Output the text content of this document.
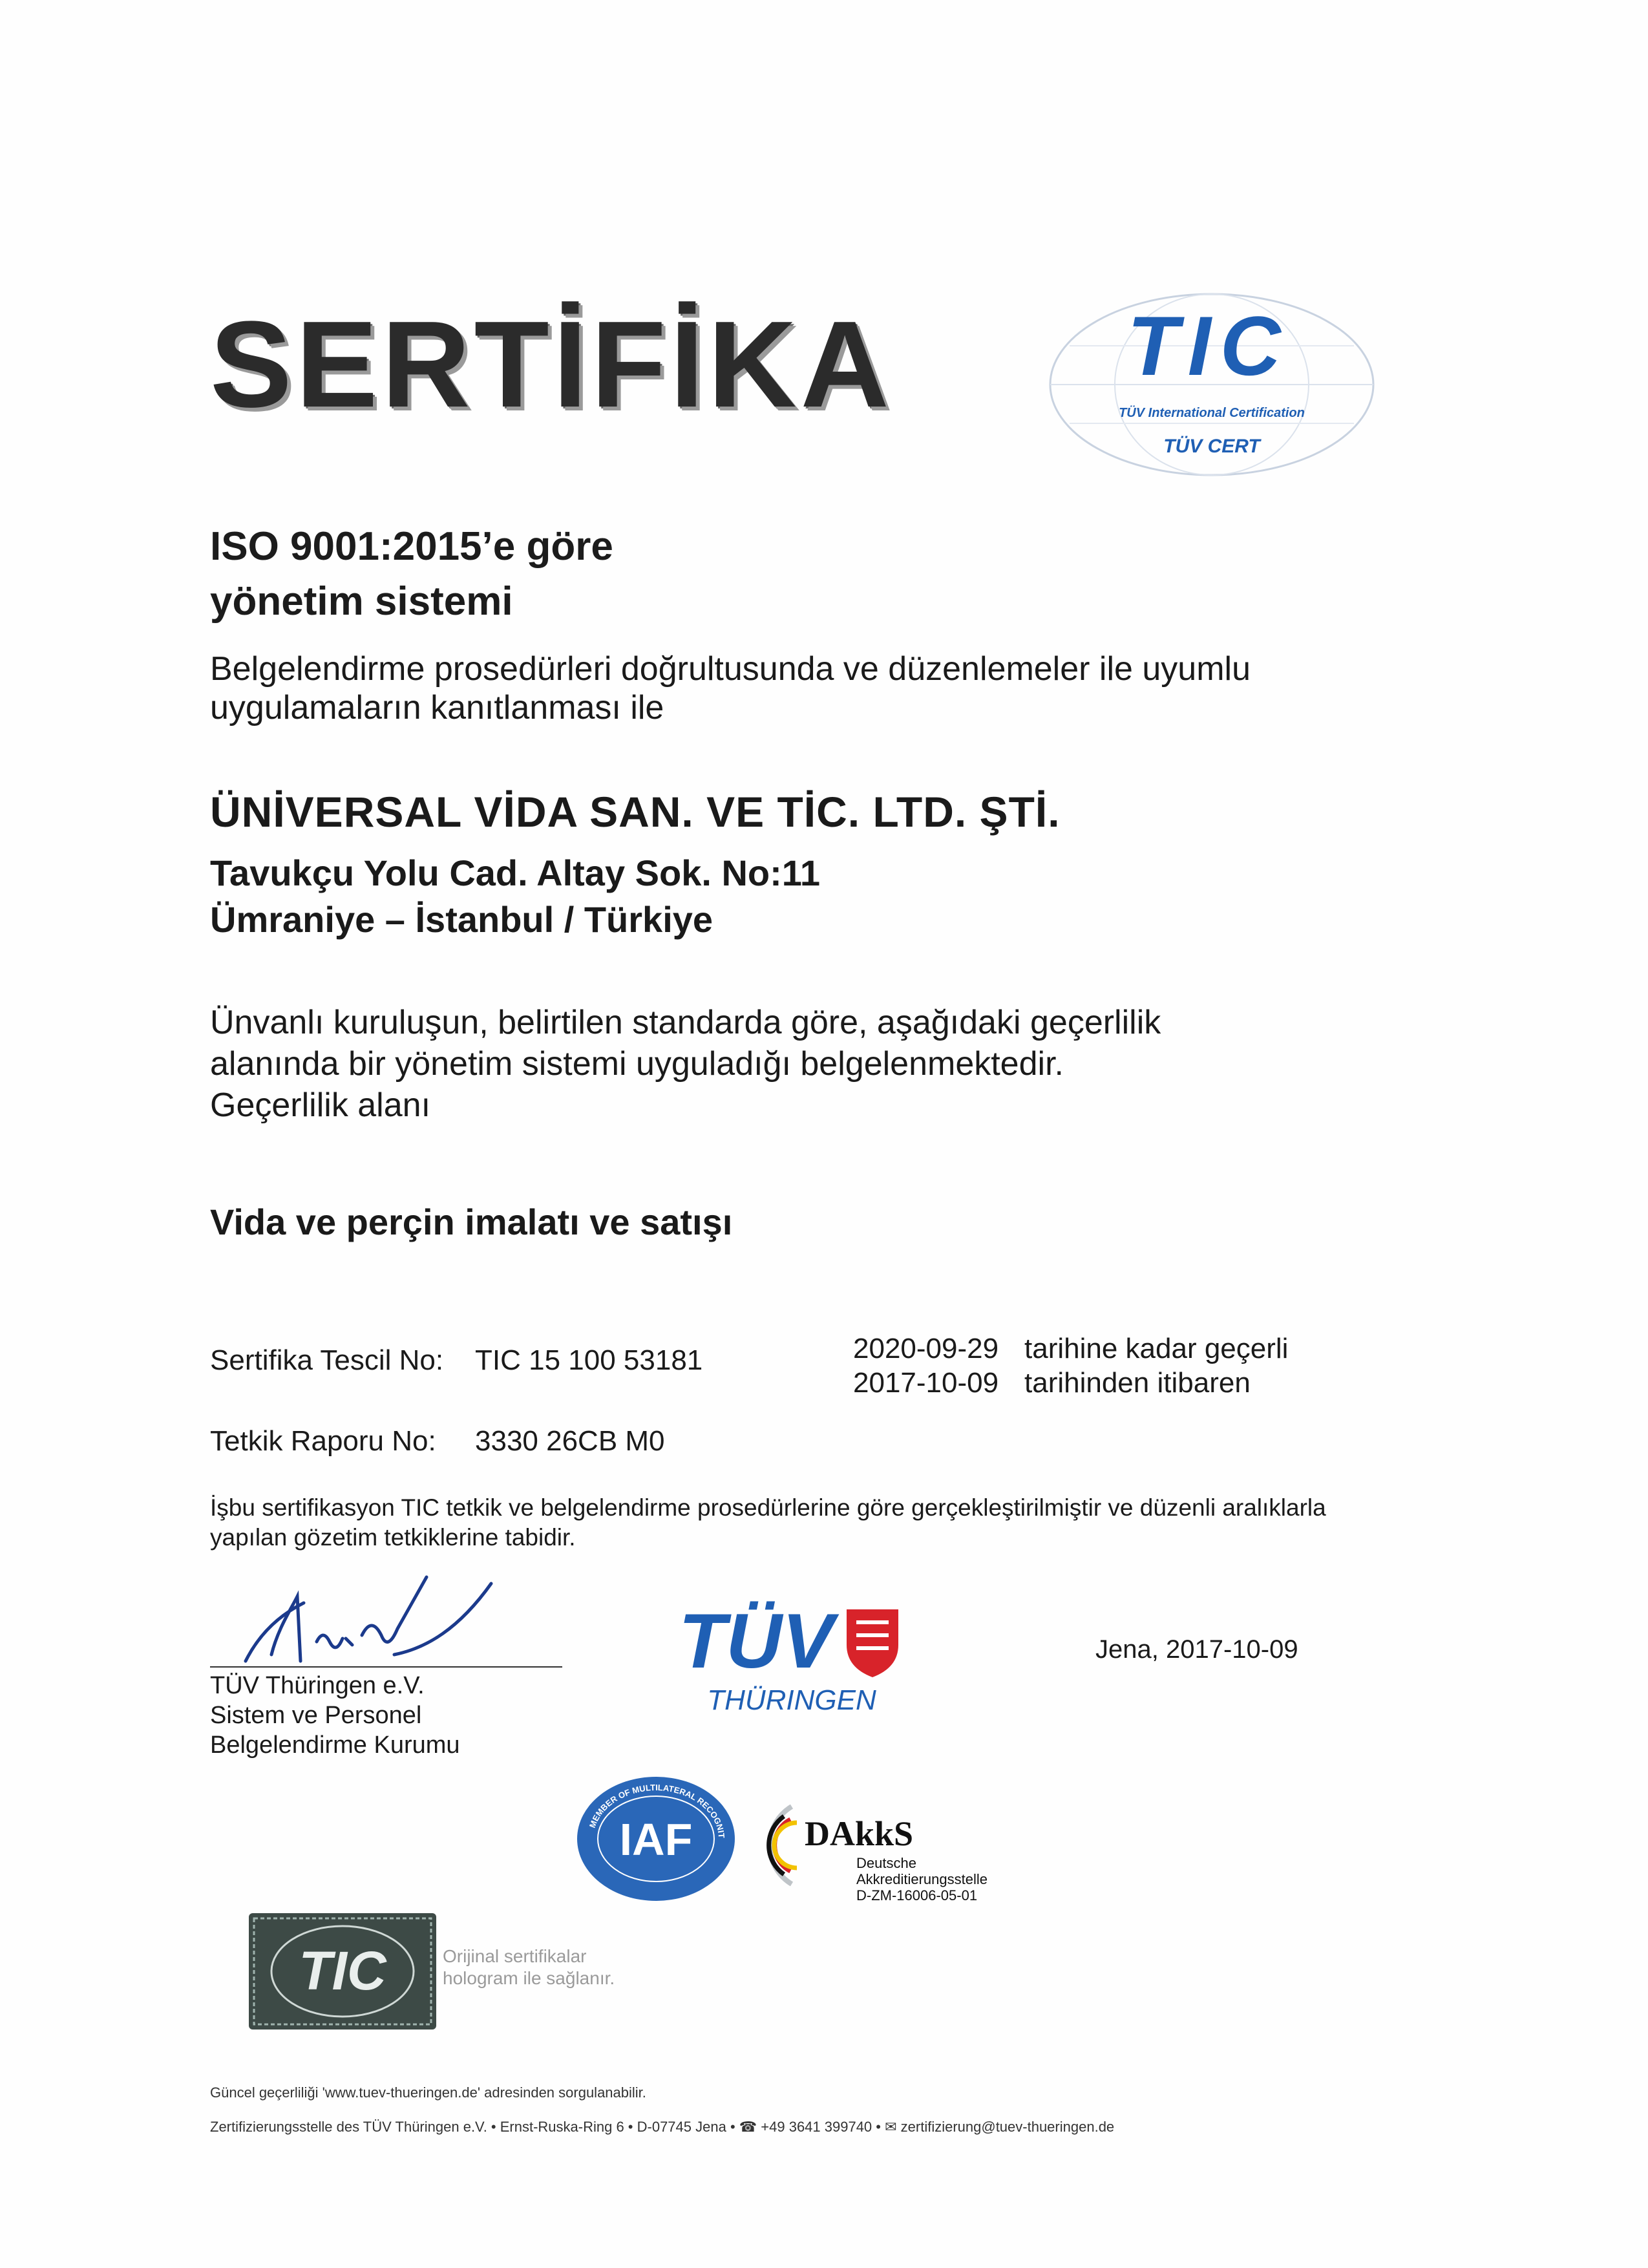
SERTİFİKA	TIC
TÜV International Certification
TÜV CERT
ISO 9001:2015’e göre
yönetim sistemi
Belgelendirme prosedürleri doğrultusunda ve düzenlemeler ile uyumlu uygulamaların kanıtlanması ile
ÜNİVERSAL VİDA SAN. VE TİC. LTD. ŞTİ.
Tavukçu Yolu Cad. Altay Sok. No:11
Ümraniye – İstanbul / Türkiye
Ünvanlı kuruluşun, belirtilen standarda göre, aşağıdaki geçerlilik
alanında bir yönetim sistemi uyguladığı belgelenmektedir.
Geçerlilik alanı
Vida ve perçin imalatı ve satışı
Sertifika Tescil No: TIC 15 100 53181	2020-09-29 tarihine kadar geçerli
2017-10-09 tarihinden itibaren
Tetkik Raporu No: 3330 26CB M0
İşbu sertifikasyon TIC tetkik ve belgelendirme prosedürlerine göre gerçekleştirilmiştir ve düzenli aralıklarla yapılan gözetim tetkiklerine tabidir.
TÜV Thüringen e.V.
Sistem ve Personel
Belgelendirme Kurumu
TÜV
THÜRINGEN
Jena, 2017-10-09
IAF
MEMBER OF MULTILATERAL RECOGNIT DAkkS
Deutsche
Akkreditierungsstelle
D-ZM-16006-05-01
TIC	Orijinal sertifikalar
hologram ile sağlanır.
Güncel geçerliliği 'www.tuev-thueringen.de' adresinden sorgulanabilir.
Zertifizierungsstelle des TÜV Thüringen e.V. • Ernst-Ruska-Ring 6 • D-07745 Jena • ☎ +49 3641 399740 • ✉ zertifizierung@tuev-thueringen.de
